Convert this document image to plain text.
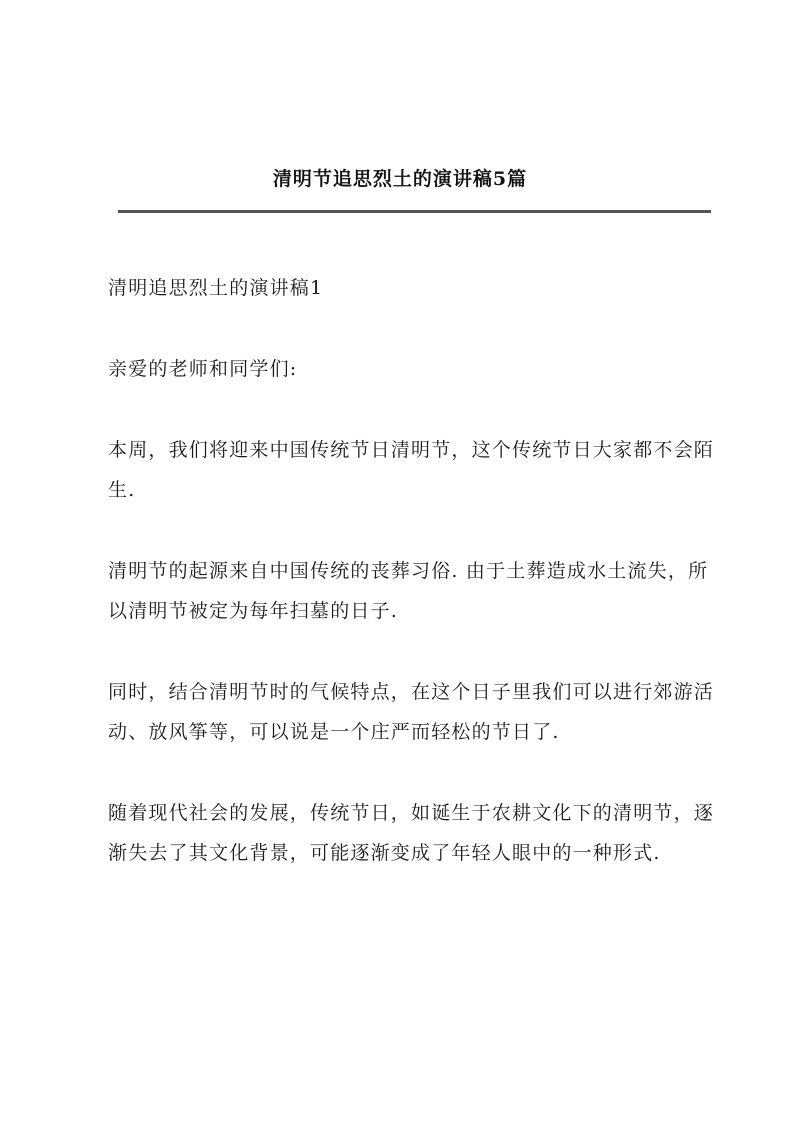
清明节追思烈土的演讲稿5篇

清明追思烈土的演讲稿1

亲爱的老师和同学们:

本周，我们将迎来中国传统节日清明节，这个传统节日大家都不会陌生.

清明节的起源来自中国传统的丧葬习俗. 由于土葬造成水土流失，所以清明节被定为每年扫墓的日子.

同时，结合清明节时的气候特点，在这个日子里我们可以进行郊游活动、放风筝等，可以说是一个庄严而轻松的节日了.

随着现代社会的发展，传统节日，如诞生于农耕文化下的清明节，逐渐失去了其文化背景，可能逐渐变成了年轻人眼中的一种形式.
